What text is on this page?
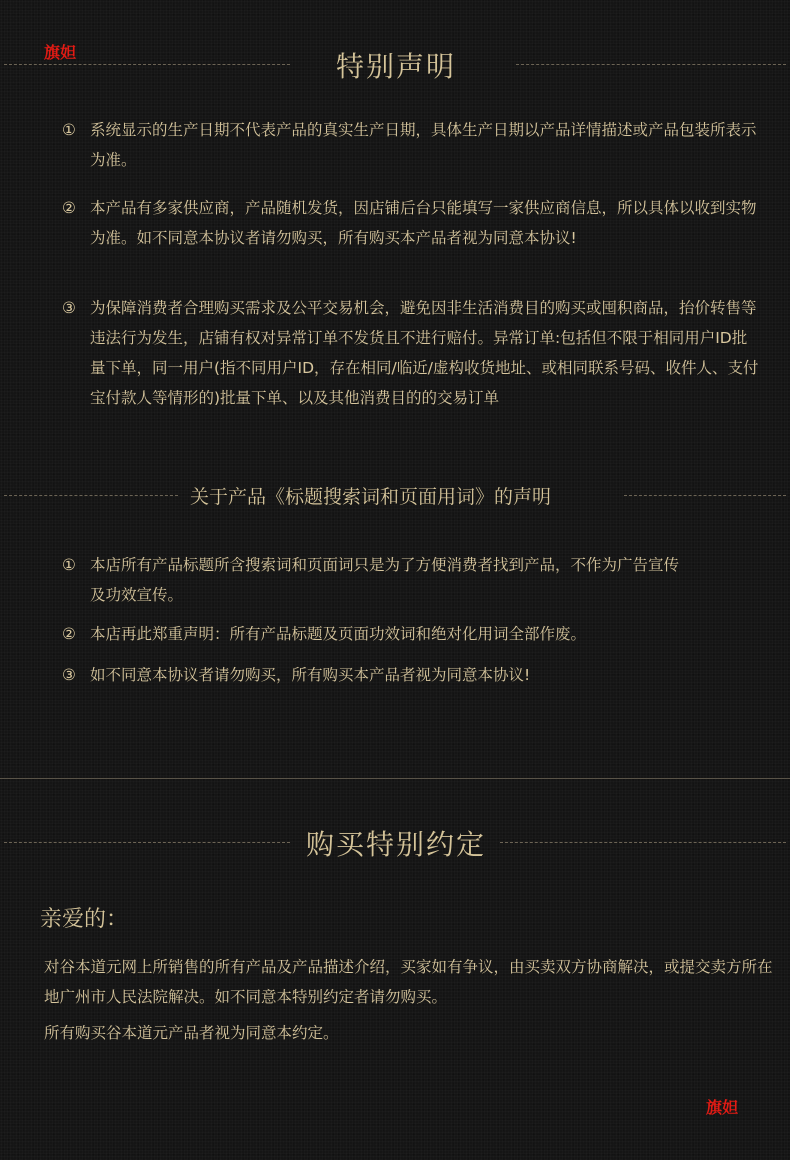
旗妲	特别声明
① 系统显示的生产日期不代表产品的真实生产日期，具体生产日期以产品详情描述或产品包装所表示为准。
② 本产品有多家供应商，产品随机发货，因店铺后台只能填写一家供应商信息，所以具体以收到实物为准。如不同意本协议者请勿购买，所有购买本产品者视为同意本协议!
③ 为保障消费者合理购买需求及公平交易机会，避免因非生活消费目的购买或囤积商品，抬价转售等违法行为发生，店铺有权对异常订单不发货且不进行赔付。异常订单:包括但不限于相同用户ID批量下单，同一用户(指不同用户ID，存在相同/临近/虚构收货地址、或相同联系号码、收件人、支付宝付款人等情形的)批量下单、以及其他消费目的的交易订单
关于产品《标题搜索词和页面用词》的声明
① 本店所有产品标题所含搜索词和页面词只是为了方便消费者找到产品，不作为广告宣传及功效宣传。
② 本店再此郑重声明：所有产品标题及页面功效词和绝对化用词全部作废。
③ 如不同意本协议者请勿购买，所有购买本产品者视为同意本协议!
购买特别约定
亲爱的：
对谷本道元网上所销售的所有产品及产品描述介绍，买家如有争议，由买卖双方协商解决，或提交卖方所在地广州市人民法院解决。如不同意本特别约定者请勿购买。
所有购买谷本道元产品者视为同意本约定。
旗妲
